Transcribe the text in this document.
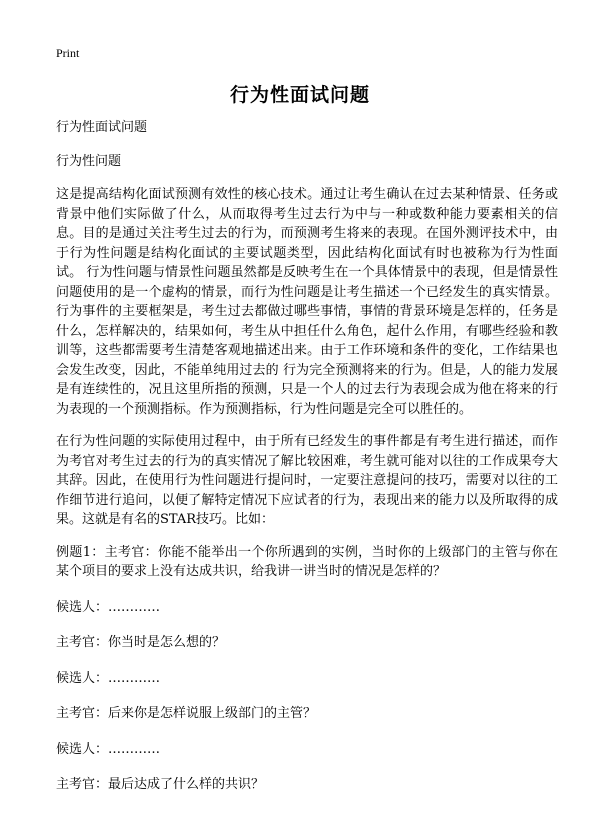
Print
行为性面试问题

行为性面试问题

行为性问题

这是提高结构化面试预测有效性的核心技术。通过让考生确认在过去某种情景、任务或背景中他们实际做了什么，从而取得考生过去行为中与一种或数种能力要素相关的信息。目的是通过关注考生过去的行为，而预测考生将来的表现。在国外测评技术中，由于行为性问题是结构化面试的主要试题类型，因此结构化面试有时也被称为行为性面试。 行为性问题与情景性问题虽然都是反映考生在一个具体情景中的表现，但是情景性问题使用的是一个虚构的情景，而行为性问题是让考生描述一个已经发生的真实情景。行为事件的主要框架是，考生过去都做过哪些事情，事情的背景环境是怎样的，任务是什么，怎样解决的，结果如何，考生从中担任什么角色，起什么作用，有哪些经验和教训等，这些都需要考生清楚客观地描述出来。由于工作环境和条件的变化，工作结果也会发生改变，因此，不能单纯用过去的 行为完全预测将来的行为。但是，人的能力发展是有连续性的，况且这里所指的预测，只是一个人的过去行为表现会成为他在将来的行为表现的一个预测指标。作为预测指标，行为性问题是完全可以胜任的。

在行为性问题的实际使用过程中，由于所有已经发生的事件都是有考生进行描述，而作为考官对考生过去的行为的真实情况了解比较困难，考生就可能对以往的工作成果夸大其辞。因此，在使用行为性问题进行提问时，一定要注意提问的技巧，需要对以往的工作细节进行追问，以便了解特定情况下应试者的行为，表现出来的能力以及所取得的成果。这就是有名的STAR技巧。比如：

例题1：主考官：你能不能举出一个你所遇到的实例，当时你的上级部门的主管与你在某个项目的要求上没有达成共识，给我讲一讲当时的情况是怎样的？

候选人：…………

主考官：你当时是怎么想的？

候选人：…………

主考官：后来你是怎样说服上级部门的主管？

候选人：…………

主考官：最后达成了什么样的共识？
